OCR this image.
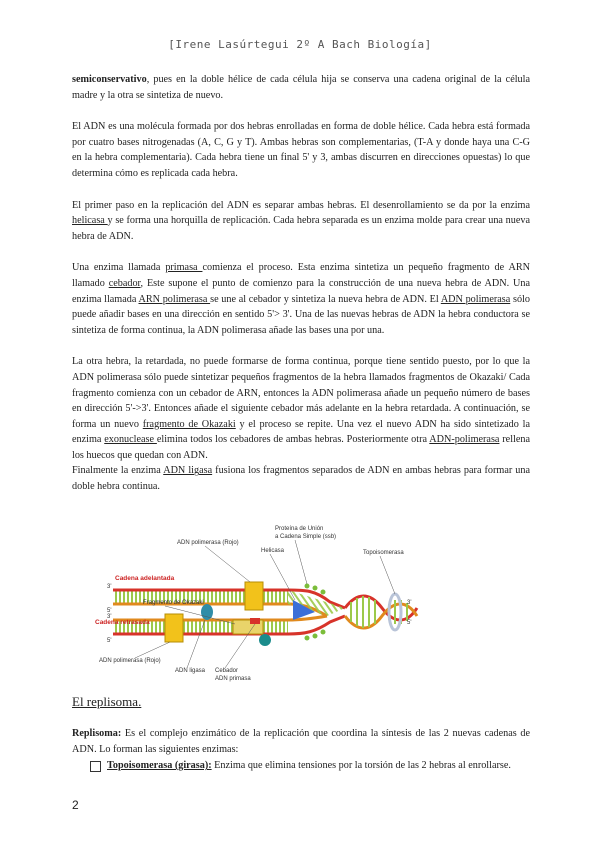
[Irene Lasúrtegui 2º A Bach Biología]

semiconservativo, pues en la doble hélice de cada célula hija se conserva una cadena original de la célula madre y la otra se sintetiza de nuevo.

El ADN es una molécula formada por dos hebras enrolladas en forma de doble hélice. Cada hebra está formada por cuatro bases nitrogenadas (A, C, G y T). Ambas hebras son complementarias, (T-A y donde haya una C-G en la hebra complementaria). Cada hebra tiene un final 5' y 3, ambas discurren en direcciones opuestas) lo que determina cómo es replicada cada hebra.

El primer paso en la replicación del ADN es separar ambas hebras. El desenrollamiento se da por la enzima helicasa y se forma una horquilla de replicación. Cada hebra separada es un enzima molde para crear una nueva hebra de ADN.

Una enzima llamada primasa comienza el proceso. Esta enzima sintetiza un pequeño fragmento de ARN llamado cebador, Este supone el punto de comienzo para la construcción de una nueva hebra de ADN. Una enzima llamada ARN polimerasa se une al cebador y sintetiza la nueva hebra de ADN. El ADN polimerasa sólo puede añadir bases en una dirección en sentido 5'> 3'. Una de las nuevas hebras de ADN la hebra conductora se sintetiza de forma continua, la ADN polimerasa añade las bases una por una.

La otra hebra, la retardada, no puede formarse de forma continua, porque tiene sentido puesto, por lo que la ADN polimerasa sólo puede sintetizar pequeños fragmentos de la hebra llamados fragmentos de Okazaki/ Cada fragmento comienza con un cebador de ARN, entonces la ADN polimerasa añade un pequeño número de bases en dirección 5'->3'. Entonces añade el siguiente cebador más adelante en la hebra retardada. A continuación, se forma un nuevo fragmento de Okazaki y el proceso se repite. Una vez el nuevo ADN ha sido sintetizado la enzima exonuclease elimina todos los cebadores de ambas hebras. Posteriormente otra ADN-polimerasa rellena los huecos que quedan con ADN.

Finalmente la enzima ADN ligasa fusiona los fragmentos separados de ADN en ambas hebras para formar una doble hebra continua.

Proteína de Unión
a Cadena Simple (ssb)
Helicasa
ADN polimerasa (Rojo)
Cadena adelantada
Fragmento de Okazaki
Topoisomerasa
Cadena retrasada
ADN polimerasa (Rojo)
ADN ligasa Cebador
ADN primasa
3'
5'
3'
5'
3'
5'
El replisoma.
Replisoma: Es el complejo enzimático de la replicación que coordina la síntesis de las 2 nuevas cadenas de ADN. Lo forman las siguientes enzimas:
Topoisomerasa (girasa): Enzima que elimina tensiones por la torsión de las 2 hebras al enrollarse.
2
